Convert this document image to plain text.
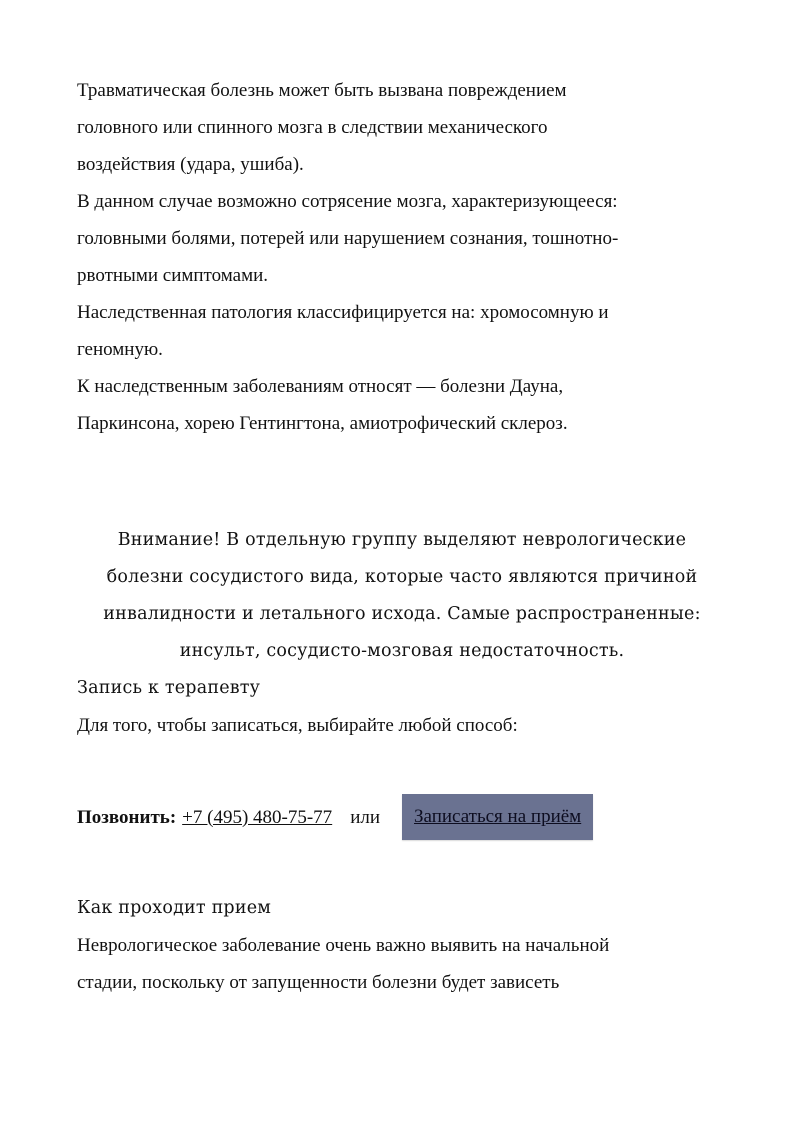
Травматическая болезнь может быть вызвана повреждением

головного или спинного мозга в следствии механического

воздействия (удара, ушиба).

В данном случае возможно сотрясение мозга, характеризующееся:

головными болями, потерей или нарушением сознания, тошнотно-

рвотными симптомами.

Наследственная патология классифицируется на: хромосомную и

геномную.

К наследственным заболеваниям относят — болезни Дауна,

Паркинсона, хорею Гентингтона, амиотрофический склероз.

Внимание! В отдельную группу выделяют неврологические

болезни сосудистого вида, которые часто являются причиной

инвалидности и летального исхода. Самые распространенные:

инсульт, сосудисто-мозговая недостаточность.

Запись к терапевту

Для того, чтобы записаться, выбирайте любой способ:

Позвонить: +7 (495) 480-75-77 или	Записаться на приём

Как проходит прием

Неврологическое заболевание очень важно выявить на начальной

стадии, поскольку от запущенности болезни будет зависеть
